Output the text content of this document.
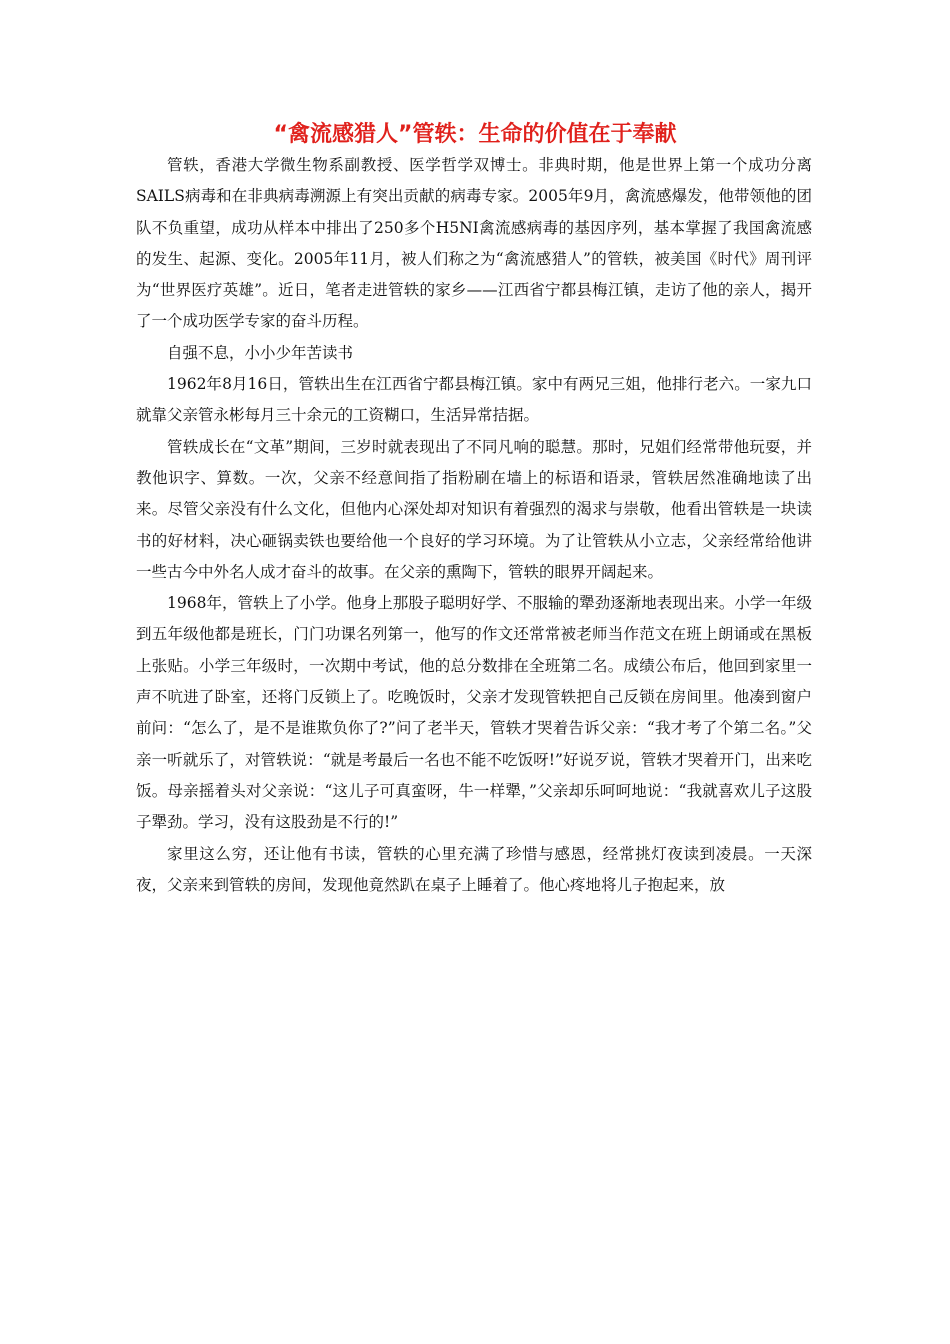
“禽流感猎人”管轶：生命的价值在于奉献

管轶，香港大学微生物系副教授、医学哲学双博士。非典时期，他是世界上第一个成功分离SAILS病毒和在非典病毒溯源上有突出贡献的病毒专家。2005年9月，禽流感爆发，他带领他的团队不负重望，成功从样本中排出了250多个H5NI禽流感病毒的基因序列，基本掌握了我国禽流感的发生、起源、变化。2005年11月，被人们称之为“禽流感猎人”的管轶，被美国《时代》周刊评为“世界医疗英雄”。近日，笔者走进管轶的家乡——江西省宁都县梅江镇，走访了他的亲人，揭开了一个成功医学专家的奋斗历程。

自强不息，小小少年苦读书

1962年8月16日，管轶出生在江西省宁都县梅江镇。家中有两兄三姐，他排行老六。一家九口就靠父亲管永彬每月三十余元的工资糊口，生活异常拮据。

管轶成长在“文革”期间，三岁时就表现出了不同凡响的聪慧。那时，兄姐们经常带他玩耍，并教他识字、算数。一次，父亲不经意间指了指粉刷在墙上的标语和语录，管轶居然准确地读了出来。尽管父亲没有什么文化，但他内心深处却对知识有着强烈的渴求与崇敬，他看出管轶是一块读书的好材料，决心砸锅卖铁也要给他一个良好的学习环境。为了让管轶从小立志，父亲经常给他讲一些古今中外名人成才奋斗的故事。在父亲的熏陶下，管轶的眼界开阔起来。

1968年，管轶上了小学。他身上那股子聪明好学、不服输的犟劲逐渐地表现出来。小学一年级到五年级他都是班长，门门功课名列第一，他写的作文还常常被老师当作范文在班上朗诵或在黑板上张贴。小学三年级时，一次期中考试，他的总分数排在全班第二名。成绩公布后，他回到家里一声不吭进了卧室，还将门反锁上了。吃晚饭时，父亲才发现管轶把自己反锁在房间里。他凑到窗户前问：“怎么了，是不是谁欺负你了?”问了老半天，管轶才哭着告诉父亲：“我才考了个第二名。”父亲一听就乐了，对管轶说：“就是考最后一名也不能不吃饭呀!”好说歹说，管轶才哭着开门，出来吃饭。母亲摇着头对父亲说：“这儿子可真蛮呀，牛一样犟，”父亲却乐呵呵地说：“我就喜欢儿子这股子犟劲。学习，没有这股劲是不行的!”

家里这么穷，还让他有书读，管轶的心里充满了珍惜与感恩，经常挑灯夜读到凌晨。一天深夜，父亲来到管轶的房间，发现他竟然趴在桌子上睡着了。他心疼地将儿子抱起来，放
